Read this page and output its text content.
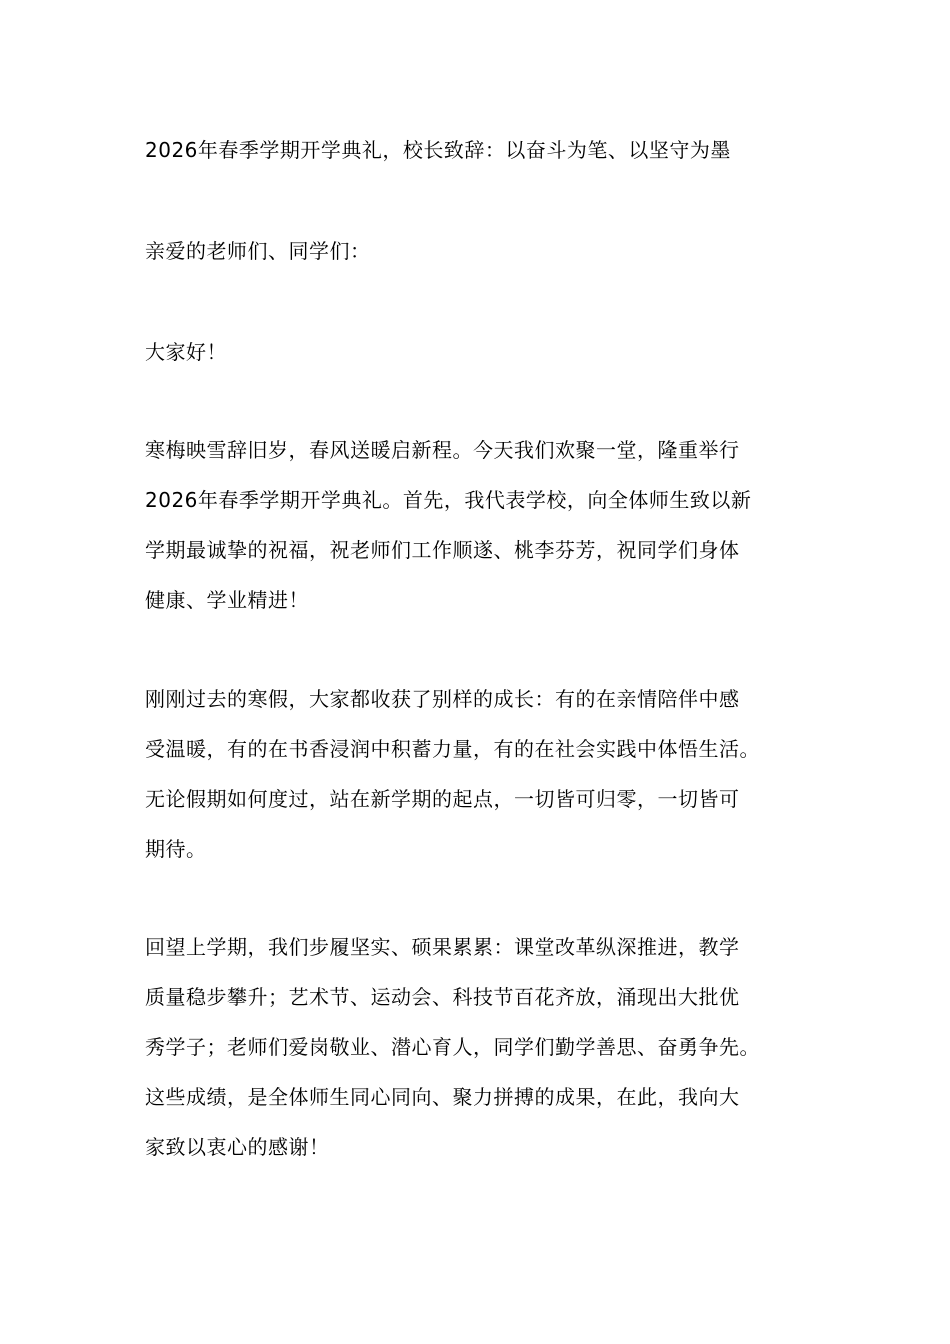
2026年春季学期开学典礼，校长致辞：以奋斗为笔、以坚守为墨

亲爱的老师们、同学们：

大家好！

寒梅映雪辞旧岁，春风送暖启新程。今天我们欢聚一堂，隆重举行

2026年春季学期开学典礼。首先，我代表学校，向全体师生致以新

学期最诚挚的祝福，祝老师们工作顺遂、桃李芬芳，祝同学们身体

健康、学业精进！

刚刚过去的寒假，大家都收获了别样的成长：有的在亲情陪伴中感

受温暖，有的在书香浸润中积蓄力量，有的在社会实践中体悟生活。

无论假期如何度过，站在新学期的起点，一切皆可归零，一切皆可

期待。

回望上学期，我们步履坚实、硕果累累：课堂改革纵深推进，教学

质量稳步攀升；艺术节、运动会、科技节百花齐放，涌现出大批优

秀学子；老师们爱岗敬业、潜心育人，同学们勤学善思、奋勇争先。

这些成绩，是全体师生同心同向、聚力拼搏的成果，在此，我向大

家致以衷心的感谢！
